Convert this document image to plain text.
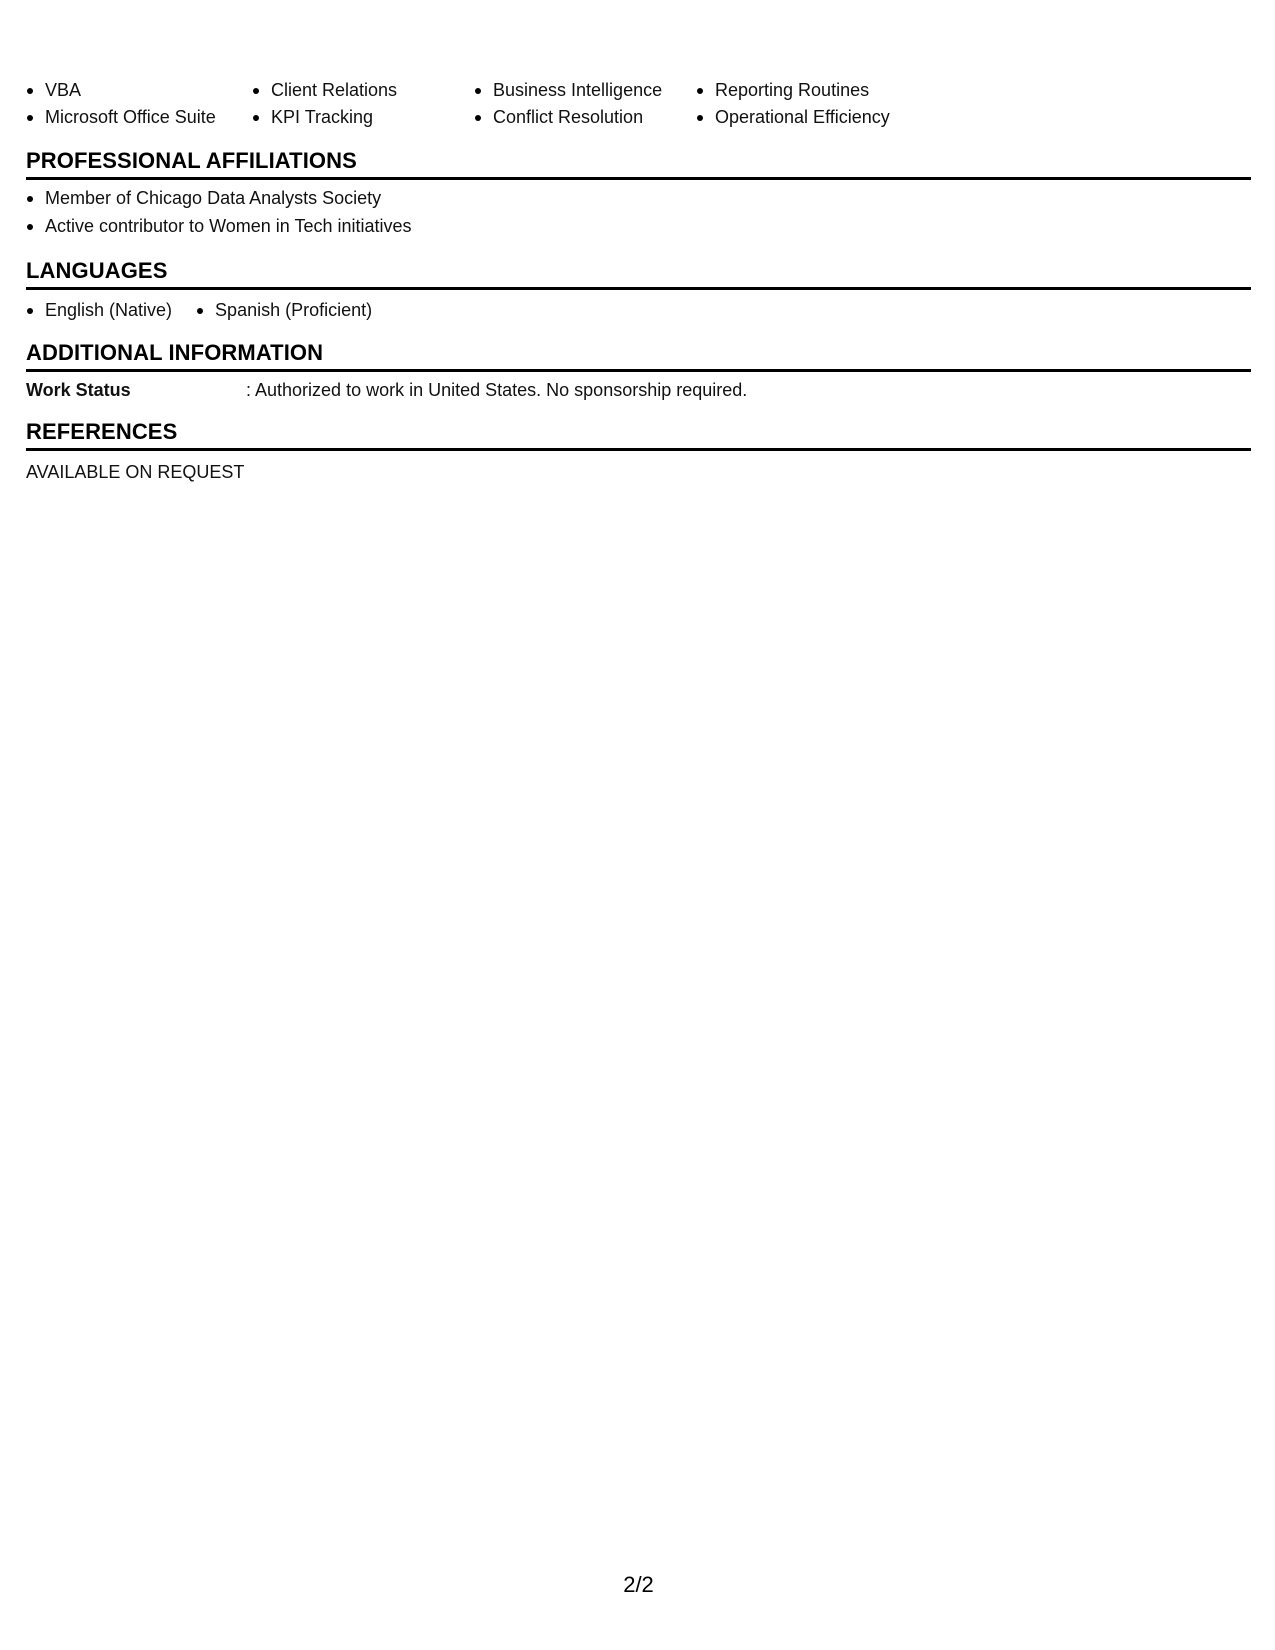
VBA	Client Relations	Business Intelligence	Reporting Routines
Microsoft Office Suite	KPI Tracking	Conflict Resolution	Operational Efficiency
PROFESSIONAL AFFILIATIONS
Member of Chicago Data Analysts Society
Active contributor to Women in Tech initiatives
LANGUAGES
English (Native) Spanish (Proficient)
ADDITIONAL INFORMATION
Work Status	: Authorized to work in United States. No sponsorship required.
REFERENCES
AVAILABLE ON REQUEST
2/2
